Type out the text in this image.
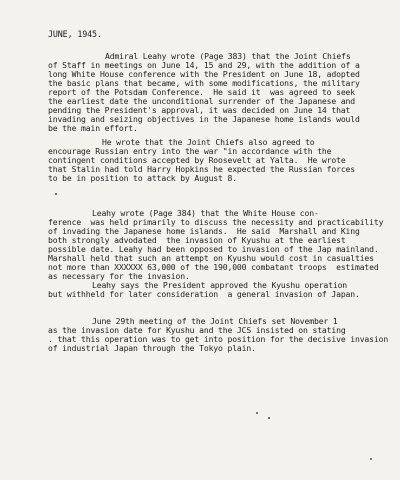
JUNE, 1945.
Admiral Leahy wrote (Page 383) that the Joint Chiefs
of Staff in meetings on June 14, 15 and 29, with the addition of a
long White House conference with the President on June 18, adopted
the basic plans that became, with some modifications, the military
report of the Potsdam Conference.  He said it  was agreed to seek
the earliest date the unconditional surrender of the Japanese and
pending the President's approval, it was decided on June 14 that
invading and seizing objectives in the Japanese home islands would
be the main effort.
He wrote that the Joint Chiefs also agreed to
encourage Russian entry into the war "in accordance with the
contingent conditions accepted by Roosevelt at Yalta.  He wrote
that Stalin had told Harry Hopkins he expected the Russian forces
to be in position to attack by August 8.
Leahy wrote (Page 384) that the White House con-
ference  was held primarily to discuss the necessity and practicability
of invading the Japanese home islands.  He said  Marshall and King
both strongly advodated  the invasion of Kyushu at the earliest
possible date. Leahy had been opposed to invasion of the Jap mainland.
Marshall held that such an attempt on Kyushu would cost in casualties
not more than XXXXXX 63,000 of the 190,000 combatant troops  estimated
as necessary for the invasion.
Leahy says the President approved the Kyushu operation
but withheld for later consideration  a general invasion of Japan.
June 29th meeting of the Joint Chiefs set November 1
as the invasion date for Kyushu and the JCS insisted on stating
. that this operation was to get into position for the decisive invasion
of industrial Japan through the Tokyo plain.
